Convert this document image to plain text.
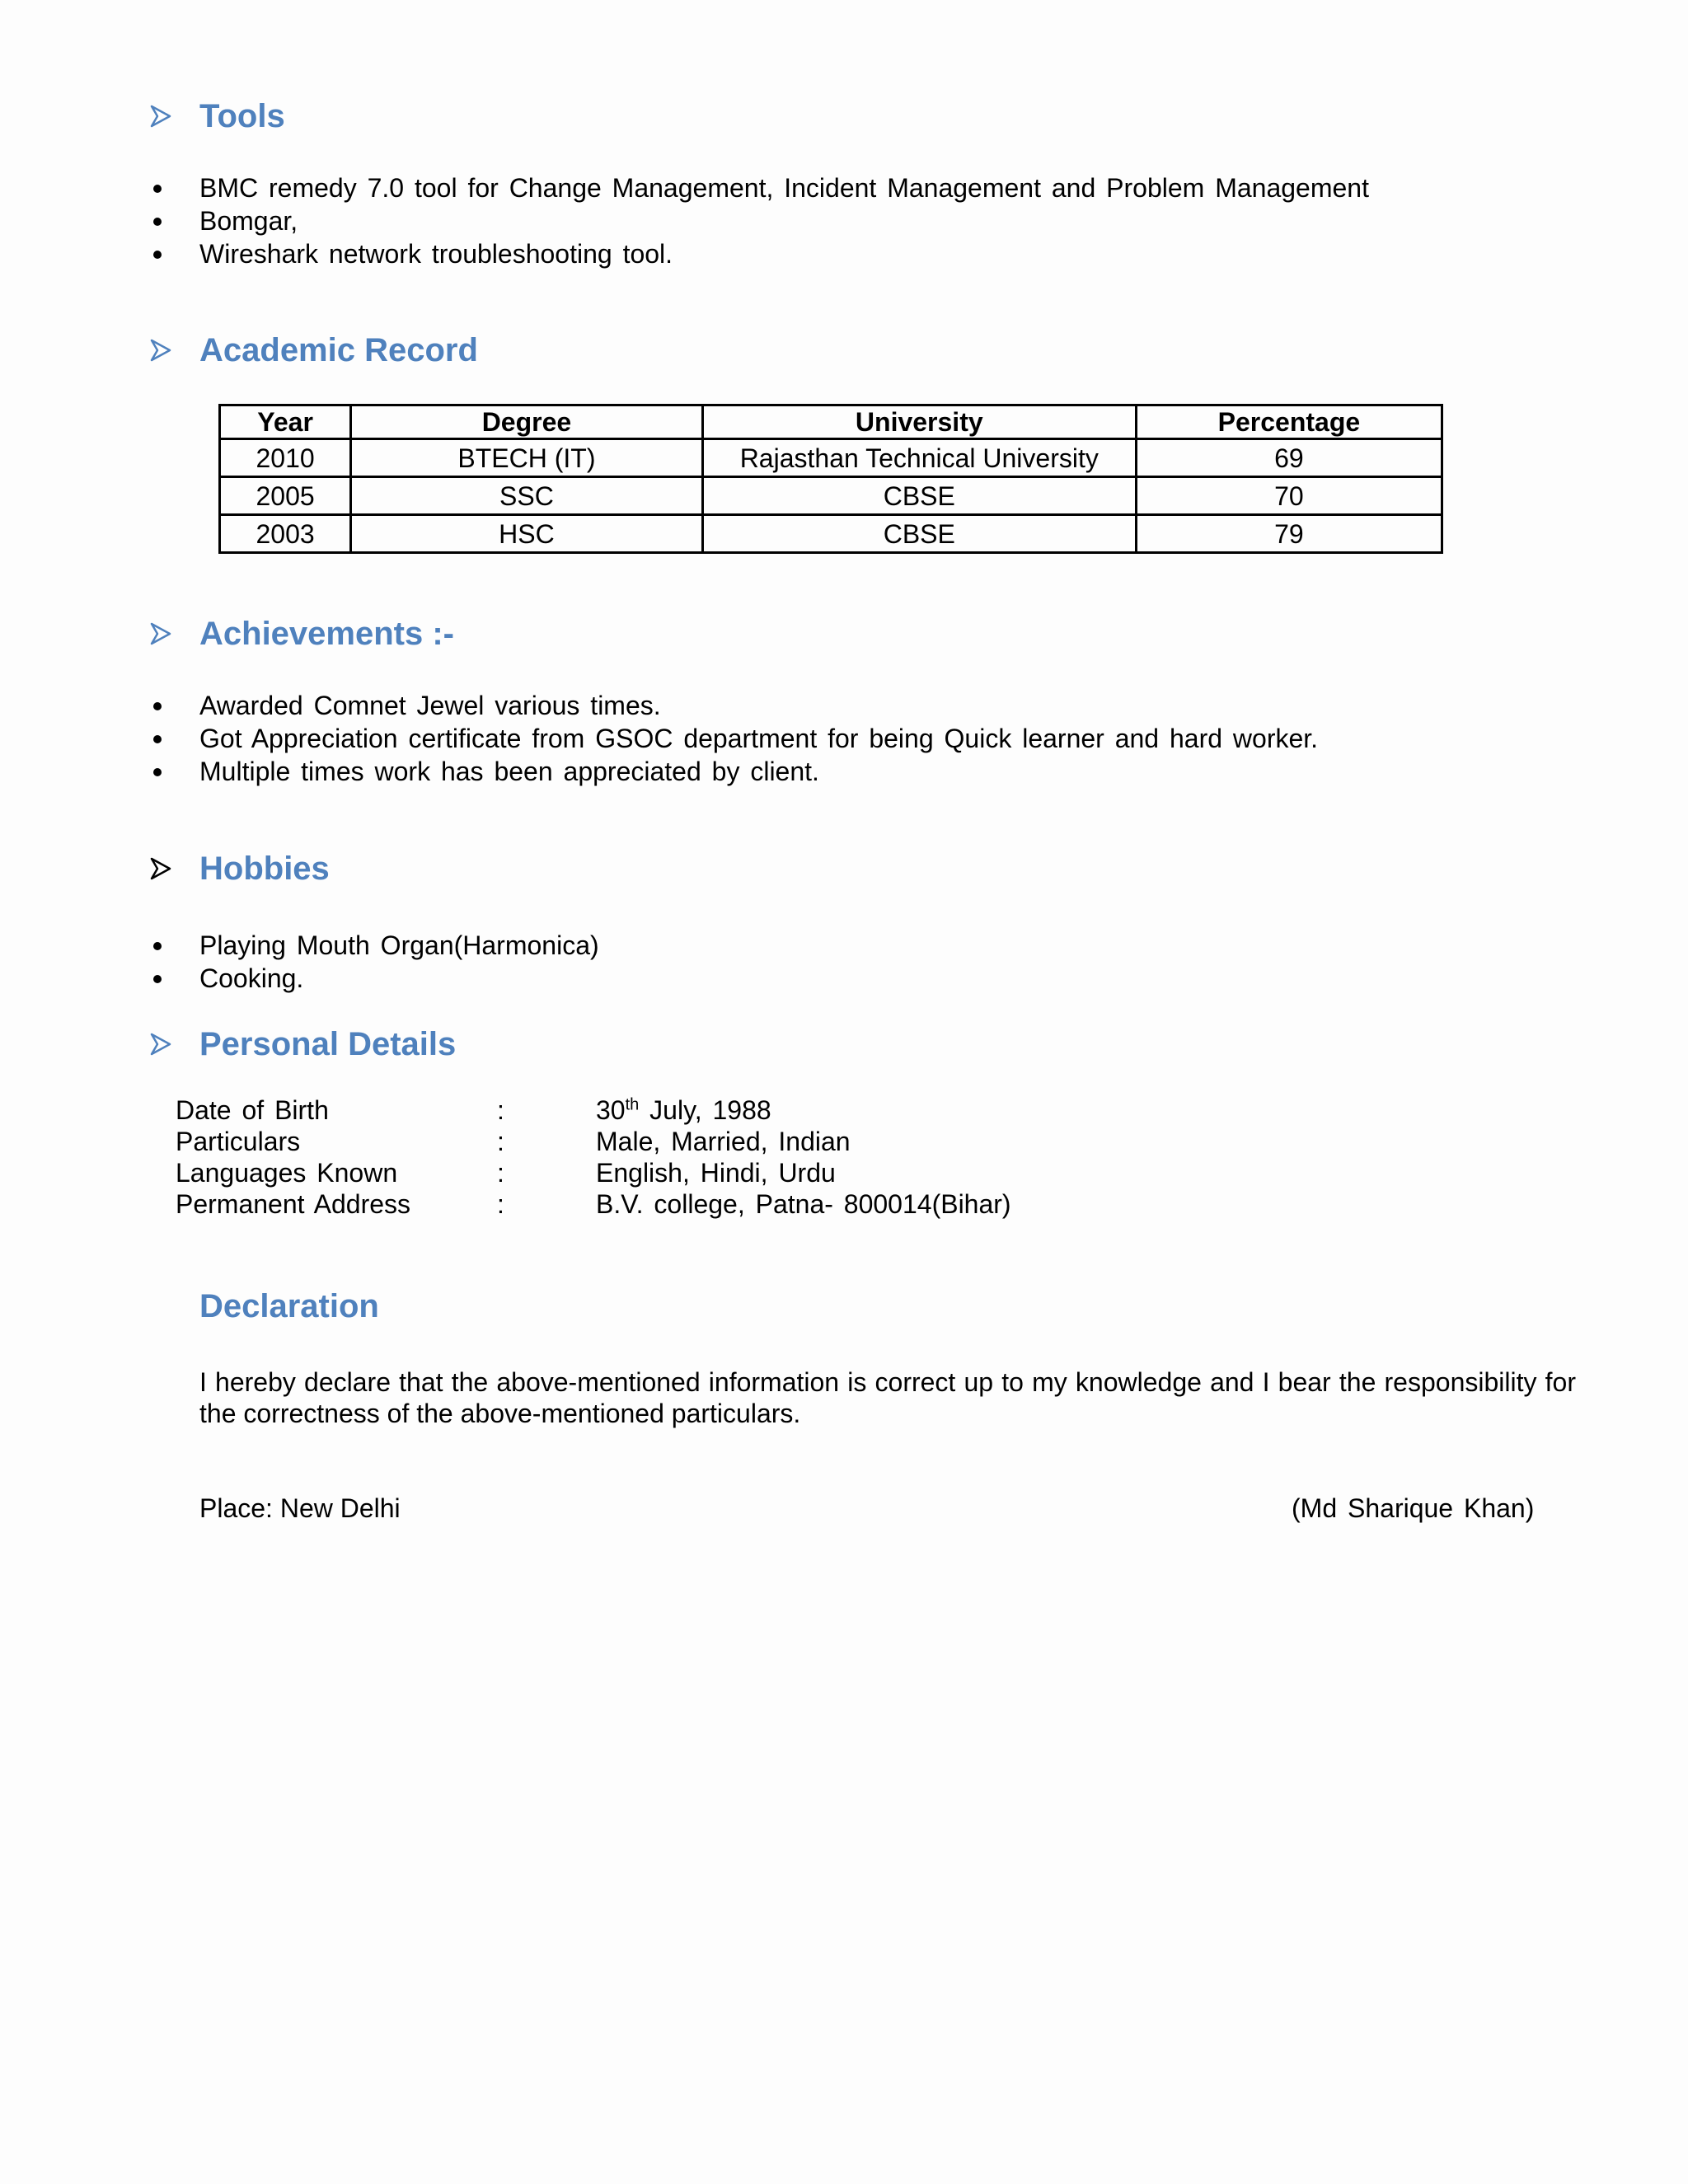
Tools
BMC remedy 7.0 tool for Change Management, Incident Management and Problem Management
Bomgar,
Wireshark network troubleshooting tool.
Academic Record
Year	Degree	University	Percentage
2010	BTECH (IT)	Rajasthan Technical University	69
2005	SSC	CBSE	70
2003	HSC	CBSE	79
Achievements :-
Awarded Comnet Jewel various times.
Got Appreciation certificate from GSOC department for being Quick learner and hard worker.
Multiple times work has been appreciated by client.
Hobbies
Playing Mouth Organ(Harmonica)
Cooking.
Personal Details
Date of Birth	:	30th July, 1988
Particulars	:	Male, Married, Indian
Languages Known	:	English, Hindi, Urdu
Permanent Address	:	B.V. college, Patna- 800014(Bihar)
Declaration
I hereby declare that the above-mentioned information is correct up to my knowledge and I bear the responsibility for the correctness of the above-mentioned particulars.
Place: New Delhi	(Md Sharique Khan)
